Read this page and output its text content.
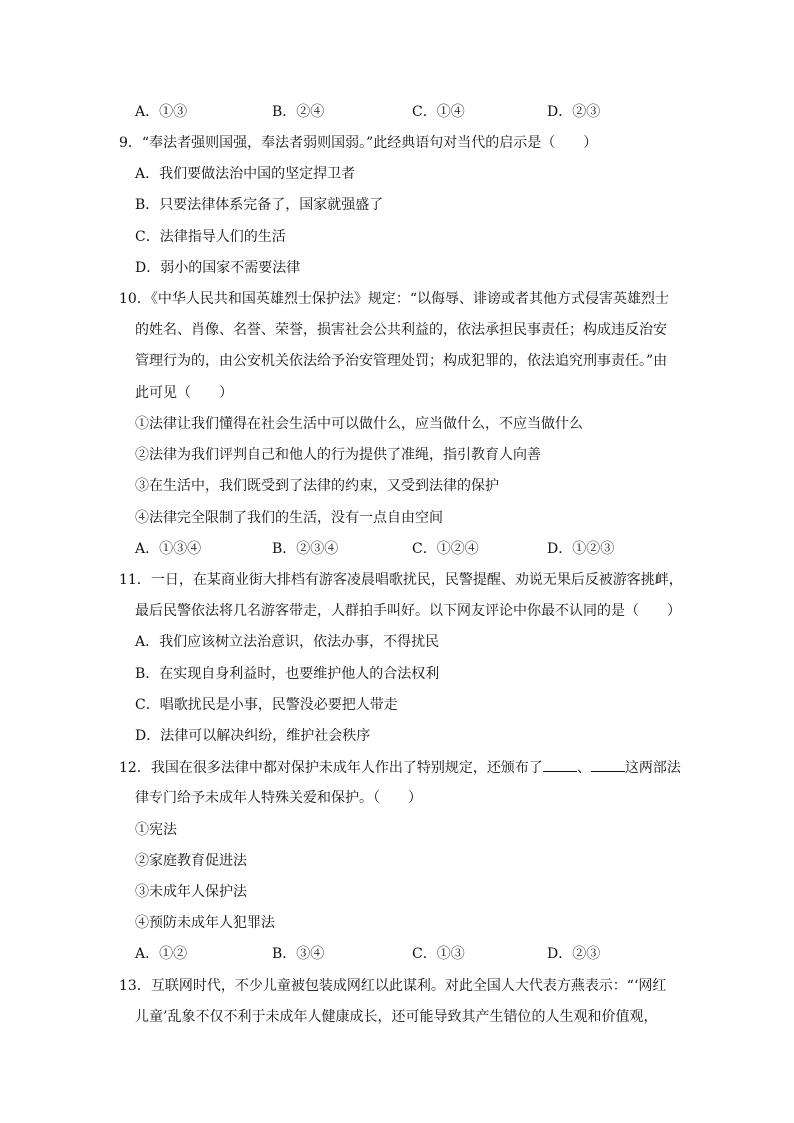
A．①③	B．②④	C．①④	D．②③
9．“奉法者强则国强，奉法者弱则国弱。”此经典语句对当代的启示是（　　）
A．我们要做法治中国的坚定捍卫者
B．只要法律体系完备了，国家就强盛了
C．法律指导人们的生活
D．弱小的国家不需要法律
10．《中华人民共和国英雄烈士保护法》规定：“以侮辱、诽谤或者其他方式侵害英雄烈士
的姓名、肖像、名誉、荣誉，损害社会公共利益的，依法承担民事责任；构成违反治安
管理行为的，由公安机关依法给予治安管理处罚；构成犯罪的，依法追究刑事责任。”由
此可见（　　）
①法律让我们懂得在社会生活中可以做什么，应当做什么，不应当做什么
②法律为我们评判自己和他人的行为提供了准绳，指引教育人向善
③在生活中，我们既受到了法律的约束，又受到法律的保护
④法律完全限制了我们的生活，没有一点自由空间
A．①③④	B．②③④	C．①②④	D．①②③
11．一日，在某商业街大排档有游客凌晨唱歌扰民，民警提醒、劝说无果后反被游客挑衅，
最后民警依法将几名游客带走，人群拍手叫好。以下网友评论中你最不认同的是（　　）
A．我们应该树立法治意识，依法办事，不得扰民
B．在实现自身利益时，也要维护他人的合法权利
C．唱歌扰民是小事，民警没必要把人带走
D．法律可以解决纠纷，维护社会秩序
12．我国在很多法律中都对保护未成年人作出了特别规定，还颁布了 、 这两部法
律专门给予未成年人特殊关爱和保护。（　　）
①宪法
②家庭教育促进法
③未成年人保护法
④预防未成年人犯罪法
A．①②	B．③④	C．①③	D．②③
13．互联网时代，不少儿童被包装成网红以此谋利。对此全国人大代表方燕表示：“‘网红
儿童’乱象不仅不利于未成年人健康成长，还可能导致其产生错位的人生观和价值观，
